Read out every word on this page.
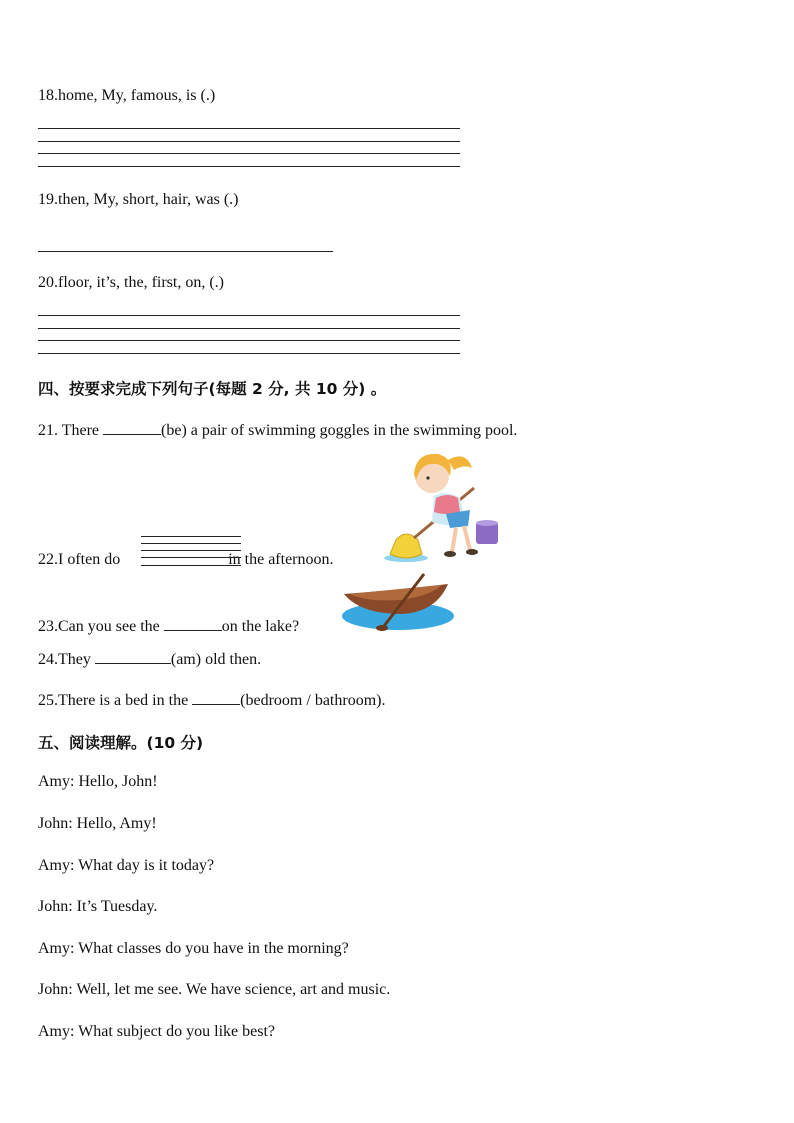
18.home, My, famous, is (.)
19.then, My, short, hair, was (.)
20.floor, it’s, the, first, on, (.)
四、按要求完成下列句子(每题 2 分, 共 10 分) 。
21. There	(be) a pair of swimming goggles in the swimming pool.
22.I often do	in the afternoon.
23.Can you see the	on the lake?
24.They	(am) old then.
25.There is a bed in the	(bedroom / bathroom).
五、阅读理解。(10 分)
Amy: Hello, John!
John: Hello, Amy!
Amy: What day is it today?
John: It’s Tuesday.
Amy: What classes do you have in the morning?
John: Well, let me see. We have science, art and music.
Amy: What subject do you like best?
